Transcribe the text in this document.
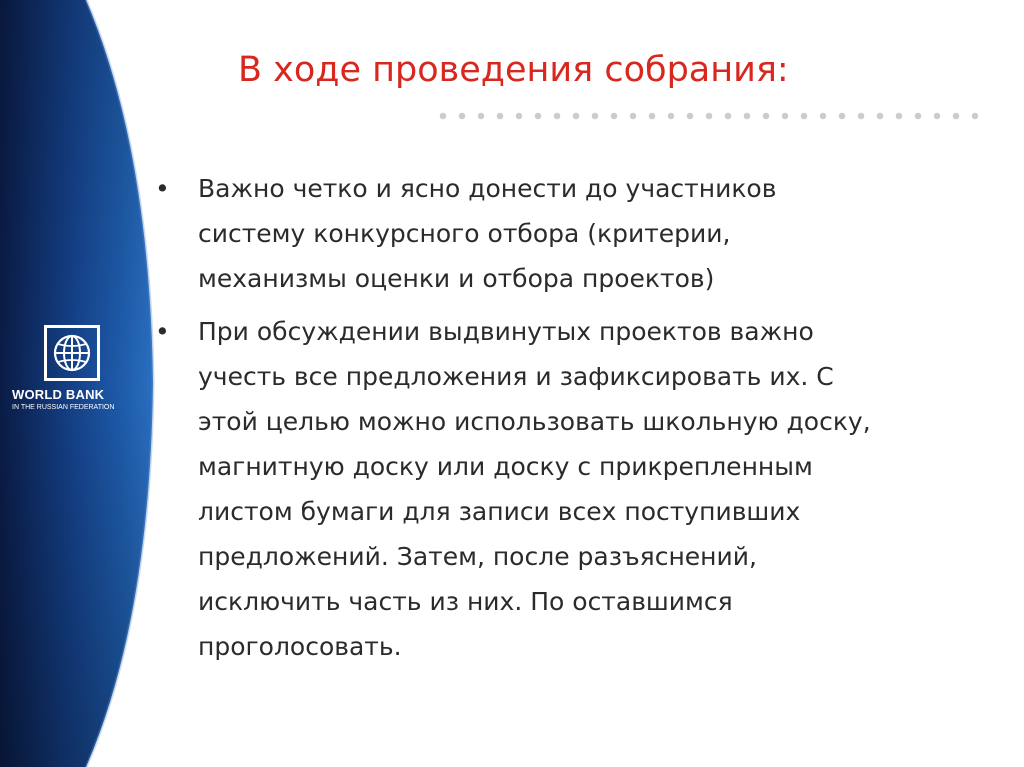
WORLD BANK
IN THE RUSSIAN FEDERATION
В ходе проведения собрания:
• Важно четко и ясно донести до участников
систему конкурсного отбора (критерии,
механизмы оценки и отбора проектов)
• При обсуждении выдвинутых проектов важно
учесть все предложения и зафиксировать их. С
этой целью можно использовать школьную доску,
магнитную доску или доску с прикрепленным
листом бумаги для записи всех поступивших
предложений. Затем, после разъяснений,
исключить часть из них. По оставшимся
проголосовать.
